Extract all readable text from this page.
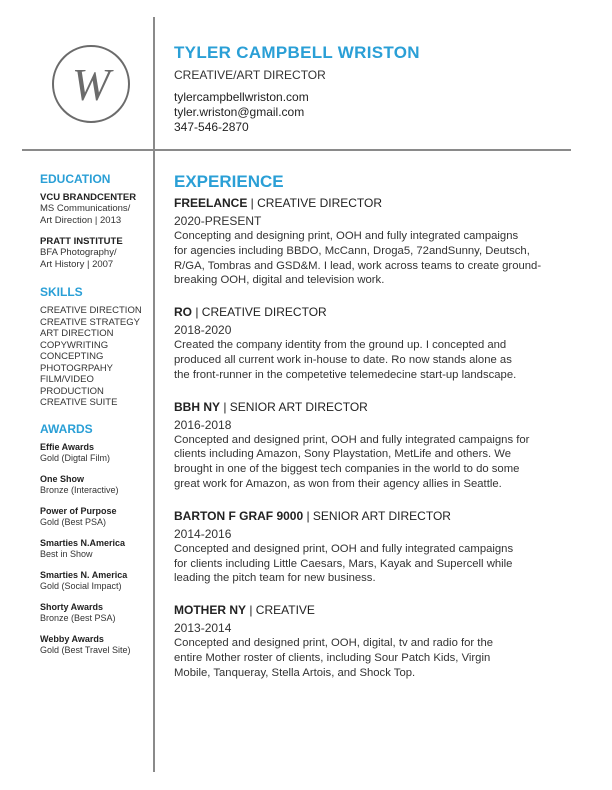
W
TYLER CAMPBELL WRISTON
CREATIVE/ART DIRECTOR
tylercampbellwriston.com
tyler.wriston@gmail.com
347-546-2870
EDUCATION
VCU BRANDCENTER
MS Communications/
Art Direction | 2013
PRATT INSTITUTE
BFA Photography/
Art History | 2007
SKILLS
CREATIVE DIRECTION
CREATIVE STRATEGY
ART DIRECTION
COPYWRITING
CONCEPTING
PHOTOGRPAHY
FILM/VIDEO
PRODUCTION
CREATIVE SUITE
AWARDS
Effie Awards
Gold (Digtal Film)
One Show
Bronze (Interactive)
Power of Purpose
Gold (Best PSA)
Smarties N.America
Best in Show
Smarties N. America
Gold (Social Impact)
Shorty Awards
Bronze (Best PSA)
Webby Awards
Gold (Best Travel Site)
EXPERIENCE
FREELANCE | CREATIVE DIRECTOR
2020-PRESENT
Concepting and designing print, OOH and fully integrated campaigns
for agencies including BBDO, McCann, Droga5, 72andSunny, Deutsch,
R/GA, Tombras and GSD&M. I lead, work across teams to create ground-
breaking OOH, digital and television work.
RO | CREATIVE DIRECTOR
2018-2020
Created the company identity from the ground up. I concepted and
produced all current work in-house to date. Ro now stands alone as
the front-runner in the competetive telemedecine start-up landscape.
BBH NY | SENIOR ART DIRECTOR
2016-2018
Concepted and designed print, OOH and fully integrated campaigns for
clients including Amazon, Sony Playstation, MetLife and others. We
brought in one of the biggest tech companies in the world to do some
great work for Amazon, as won from their agency allies in Seattle.
BARTON F GRAF 9000 | SENIOR ART DIRECTOR
2014-2016
Concepted and designed print, OOH and fully integrated campaigns
for clients including Little Caesars, Mars, Kayak and Supercell while
leading the pitch team for new business.
MOTHER NY | CREATIVE
2013-2014
Concepted and designed print, OOH, digital, tv and radio for the
entire Mother roster of clients, including Sour Patch Kids, Virgin
Mobile, Tanqueray, Stella Artois, and Shock Top.
